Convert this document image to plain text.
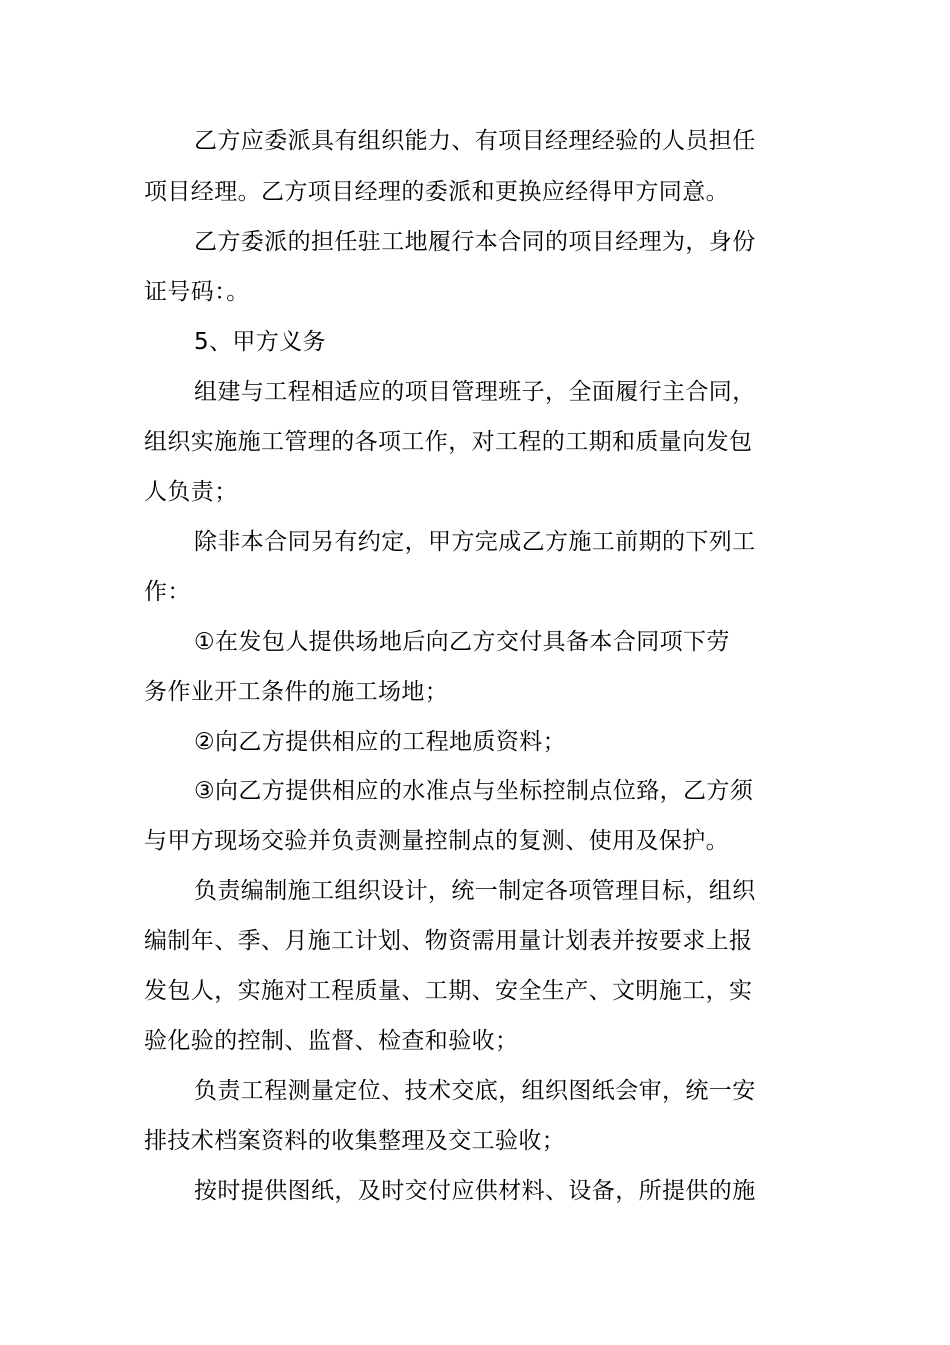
乙方应委派具有组织能力、有项目经理经验的人员担任
项目经理。乙方项目经理的委派和更换应经得甲方同意。
乙方委派的担任驻工地履行本合同的项目经理为，身份
证号码：。
5、甲方义务
组建与工程相适应的项目管理班子，全面履行主合同，
组织实施施工管理的各项工作，对工程的工期和质量向发包
人负责；
除非本合同另有约定，甲方完成乙方施工前期的下列工
作：
①在发包人提供场地后向乙方交付具备本合同项下劳
务作业开工条件的施工场地；
②向乙方提供相应的工程地质资料；
③向乙方提供相应的水准点与坐标控制点位臵，乙方须
与甲方现场交验并负责测量控制点的复测、使用及保护。
负责编制施工组织设计，统一制定各项管理目标，组织
编制年、季、月施工计划、物资需用量计划表并按要求上报
发包人，实施对工程质量、工期、安全生产、文明施工，实
验化验的控制、监督、检查和验收；
负责工程测量定位、技术交底，组织图纸会审，统一安
排技术档案资料的收集整理及交工验收；
按时提供图纸，及时交付应供材料、设备，所提供的施
